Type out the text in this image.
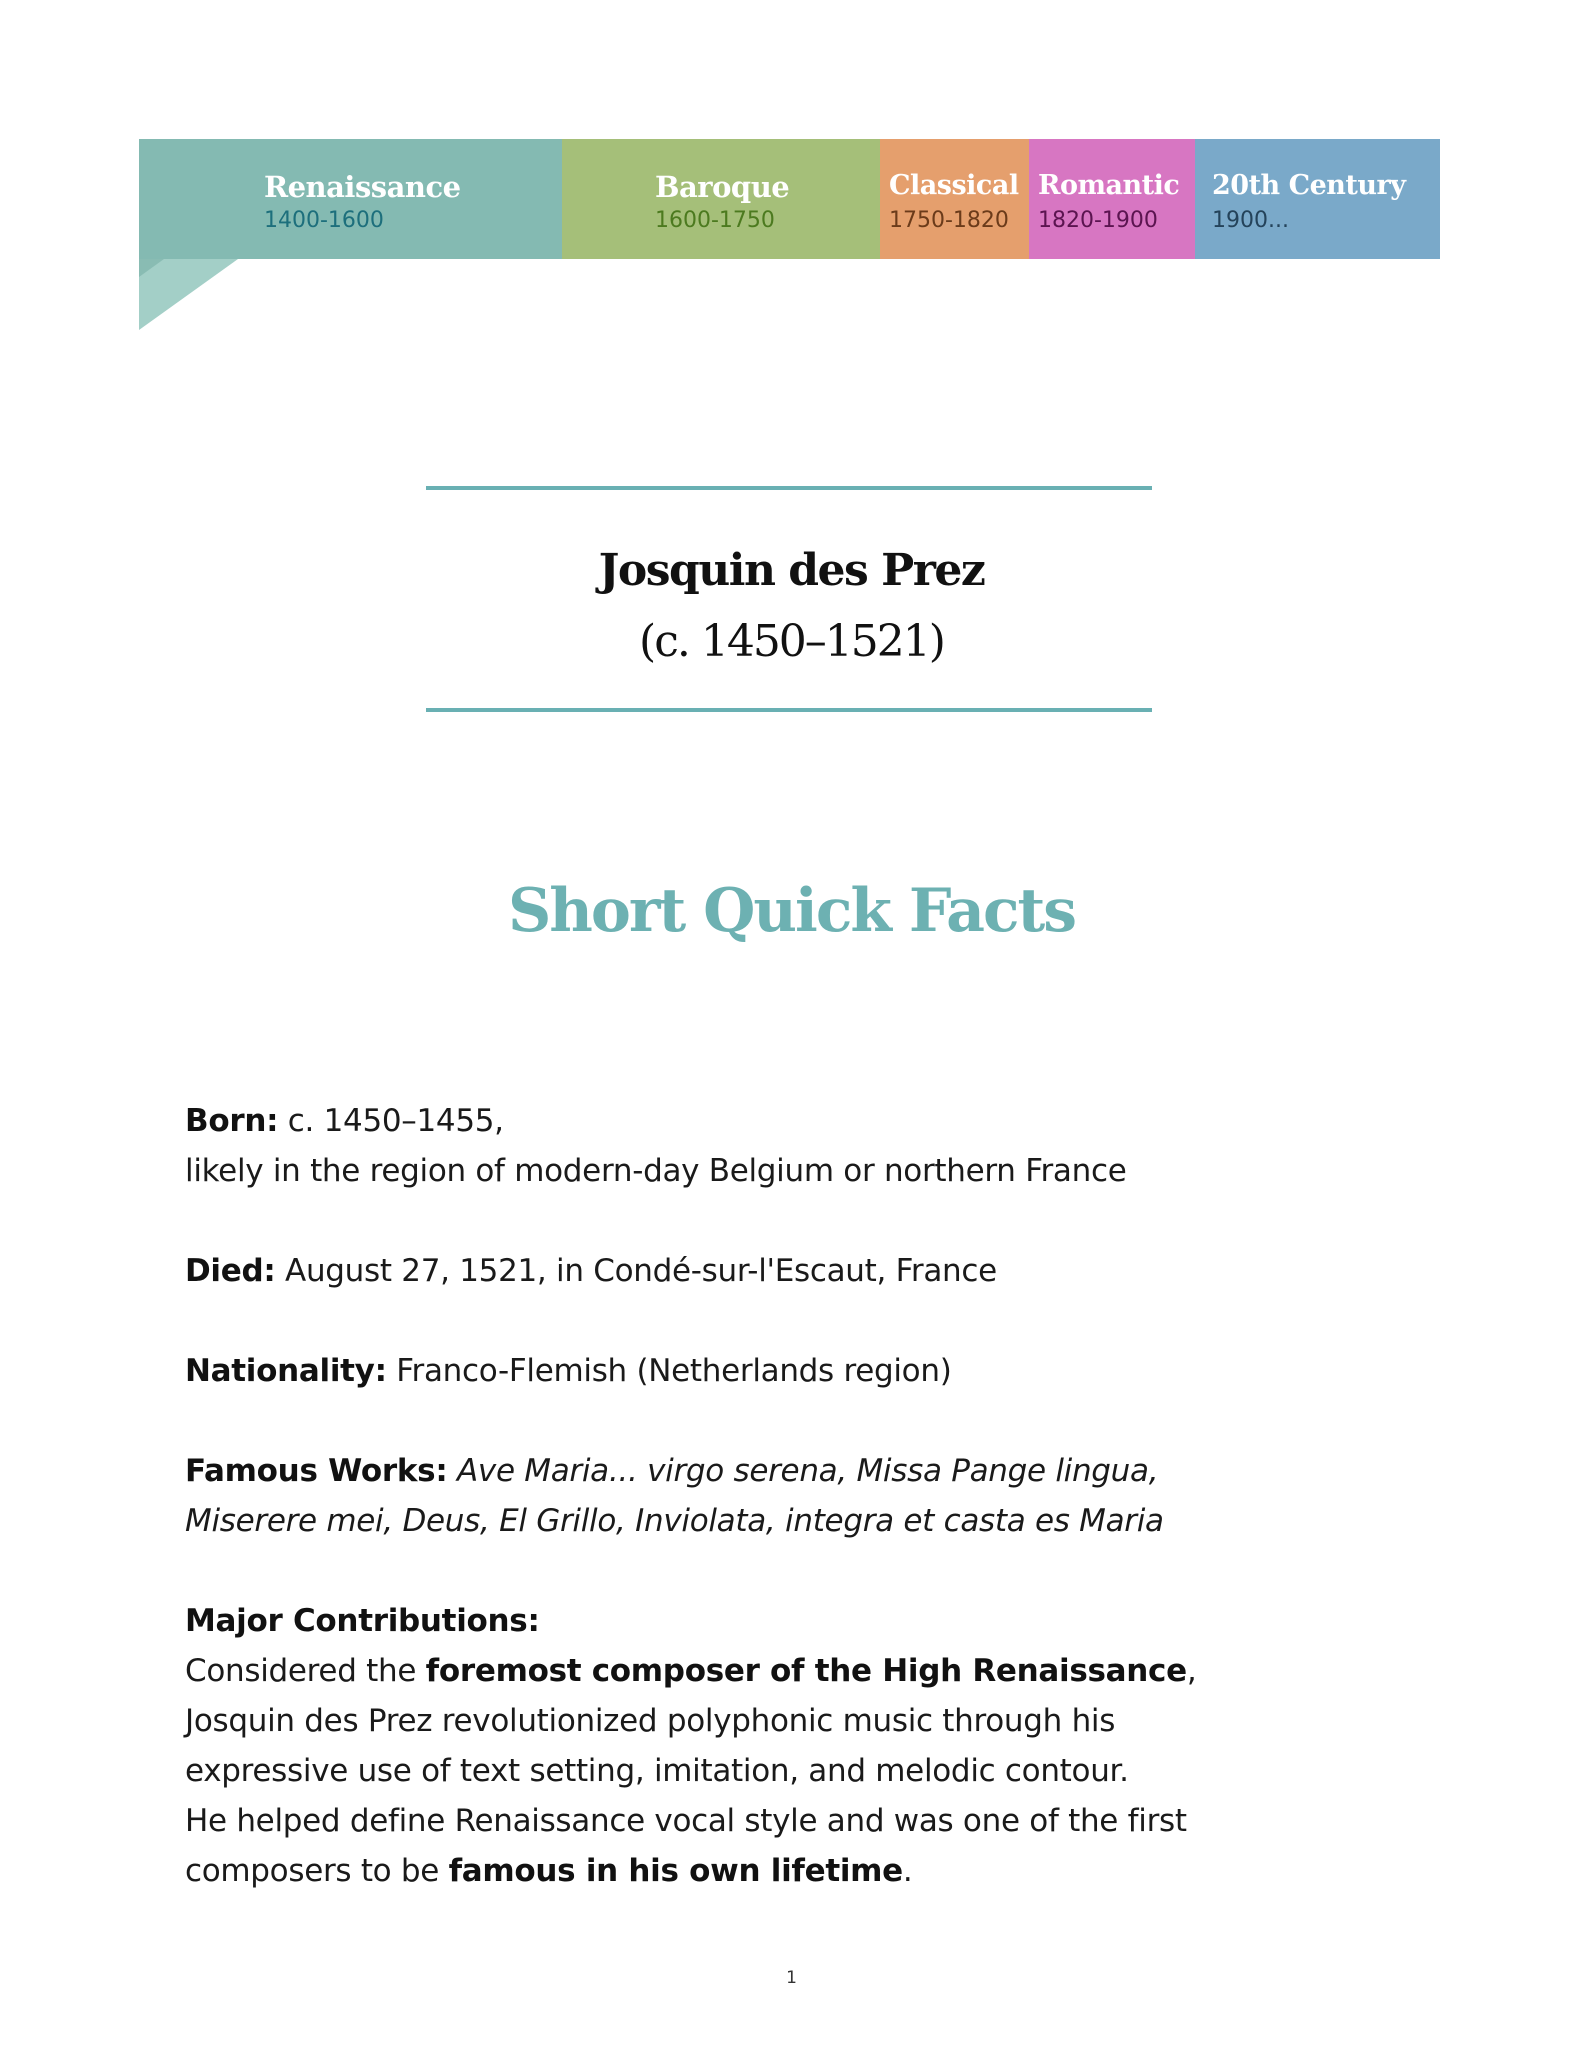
Renaissance
1400-1600
Baroque
1600-1750
Classical
1750-1820
Romantic
1820-1900
20th Century
1900...
Josquin des Prez
(c. 1450–1521)
Short Quick Facts
Born: c. 1450–1455,
likely in the region of modern-day Belgium or northern France
Died: August 27, 1521, in Condé-sur-l'Escaut, France
Nationality: Franco-Flemish (Netherlands region)
Famous Works: Ave Maria... virgo serena, Missa Pange lingua,
Miserere mei, Deus, El Grillo, Inviolata, integra et casta es Maria
Major Contributions:
Considered the foremost composer of the High Renaissance,
Josquin des Prez revolutionized polyphonic music through his
expressive use of text setting, imitation, and melodic contour.
He helped define Renaissance vocal style and was one of the first
composers to be famous in his own lifetime.
1
